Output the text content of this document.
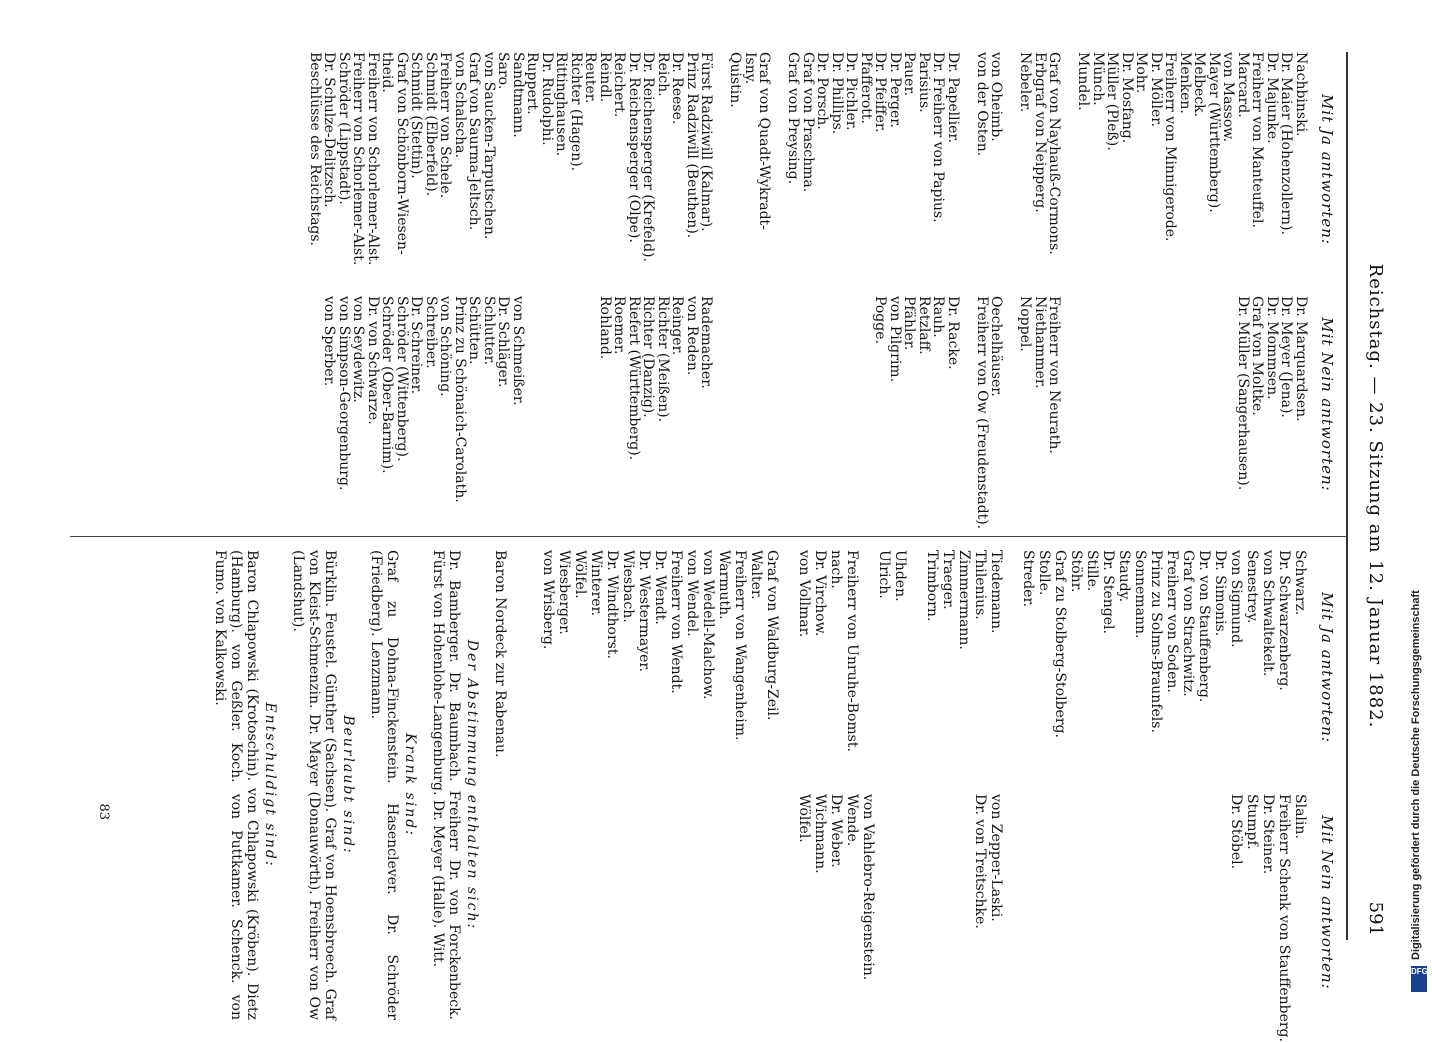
Reichstag. — 23. Sitzung am 12. Januar 1882.
591
Mit Ja antworten:
Mit Nein antworten:
Nachbinski.
Dr. Maier (Hohenzollern).
Dr. Majunke.
Freiherr von Manteuffel.
Marcard.
von Massow.
Mayer (Württemberg).
Melbeck.
Menken.
Freiherr von Minnigerode.
Dr. Möller.
Mohr.
Dr. Mosfang.
Müller (Pleß).
Münch.
Mundel.
Graf von Nayhauß-Cormons.
Erbgraf von Neipperg.
Nebeler.
von Oheimb.
von der Osten.
Dr. Papellier.
Dr. Freiherr von Papius.
Parisius.
Pauer.
Dr. Perger.
Dr. Pfeiffer.
Pfafferott.
Dr. Pichler.
Dr. Phillips.
Dr. Porsch.
Graf von Praschma.
Graf von Preysing.
Graf von Quadt-Wykradt-
Isny.
Quistin.
Fürst Radziwill (Kalmar).
Prinz Radziwill (Beuthen).
Dr. Reese.
Reich.
Dr. Reichensperger (Krefeld).
Dr. Reichensperger (Olpe).
Reichert.
Reindl.
Reuter.
Richter (Hagen).
Rittinghausen.
Dr. Rudolphi.
Ruppert.
Sandtmann.
Saro.
von Saucken-Tarputschen.
Graf von Saurma-Jeltsch.
von Schalscha.
Freiherr von Schele.
Schmidt (Elberfeld).
Schmidt (Stettin).
Graf von Schönborn-Wiesen-
theid.
Freiherr von Schorlemer-Alst.
Freiherr von Schorlemer-Alst.
Schröder (Lippstadt).
Dr. Schulze-Delitzsch.
Beschlüsse des Reichstags.
Dr. Marquardsen.
Dr. Meyer (Jena).
Dr. Mommsen.
Graf von Moltke.
Dr. Müller (Sangerhausen).
Freiherr von Neurath.
Niethammer.
Noppel.
Oechelhäuser.
Freiherr von Ow (Freudenstadt).
Dr. Racke.
Rauh.
Retzlaff.
Pfähler.
von Pilgrim.
Pogge.
Rademacher.
von Reden.
Reinger.
Richter (Meißen).
Richter (Danzig).
Riefert (Württemberg).
Roemer.
Rohland.
von Schmeißer.
Dr. Schläger.
Schlutter.
Schütten.
Prinz zu Schönaich-Carolath.
von Schöning.
Schreiber.
Dr. Schreiner.
Schröder (Wittenberg).
Schröder (Ober-Barnim).
Dr. von Schwarze.
von Seydewitz.
von Simpson-Georgenburg.
von Sperber.
Mit Ja antworten:
Mit Nein antworten:
Schwarz.
Dr. Schwarzenberg.
von Schwaltekelt.
Senestrey.
von Sigmund.
Dr. Simonis.
Dr. von Stauffenberg.
Graf von Strachwitz.
Freiherr von Soden.
Prinz zu Solms-Braunfels.
Sonnemann.
Staudy.
Dr. Stengel.
Stille.
Stöhr.
Graf zu Stolberg-Stolberg.
Stolle.
Streder.
Tiedemann.
Thilenius.
Zimmermann.
Traeger.
Trimborn.
Uhden.
Ulrich.
Freiherr von Unruhe-Bomst.
nach.
Dr. Virchow.
von Vollmar.
Graf von Waldburg-Zeil.
Walter.
Freiherr von Wangenheim.
Warmuth.
von Wedell-Malchow.
von Wendel.
Freiherr von Wendt.
Dr. Wendt.
Dr. Westermayer.
Wiesbach.
Dr. Windthorst.
Winterer.
Wölfel.
Wiesberger.
von Wrisberg.
Slalin.
Freiherr Schenk von Stauffenberg.
Dr. Steiner.
Stumpf.
Dr. Stöbel.
von Zepper-Laski.
Dr. von Treitschke.
von Vahlebro-Reigenstein.
Wende.
Dr. Weber.
Wichmann.
Wölfel.
Baron Nordeck zur Rabenau.
Der Abstimmung enthalten sich:
Dr. Bamberger. Dr. Baumbach. Freiherr Dr. von Forckenbeck. Fürst von Hohenlohe-Langenburg. Dr. Meyer (Halle). Witt.
Krank sind:
Graf zu Dohna-Finckenstein. Hasenclever. Dr. Schröder (Friedberg). Lenzmann.
Beurlaubt sind:
Bürklin. Feustel. Günther (Sachsen). Graf von Hoensbroech. Graf von Kleist-Schmenzin. Dr. Mayer (Donauwörth). Freiherr von Ow (Landshut).
Entschuldigt sind:
Baron Chlapowski (Krotoschin). von Chlapowski (Kröben). Dietz (Hamburg). von Geßler. Koch. von Puttkamer. Schenck. von Fumo. von Kalkowski.
83	Digitalisierung gefördert durch die Deutsche Forschungsgemeinschaft
DFG
